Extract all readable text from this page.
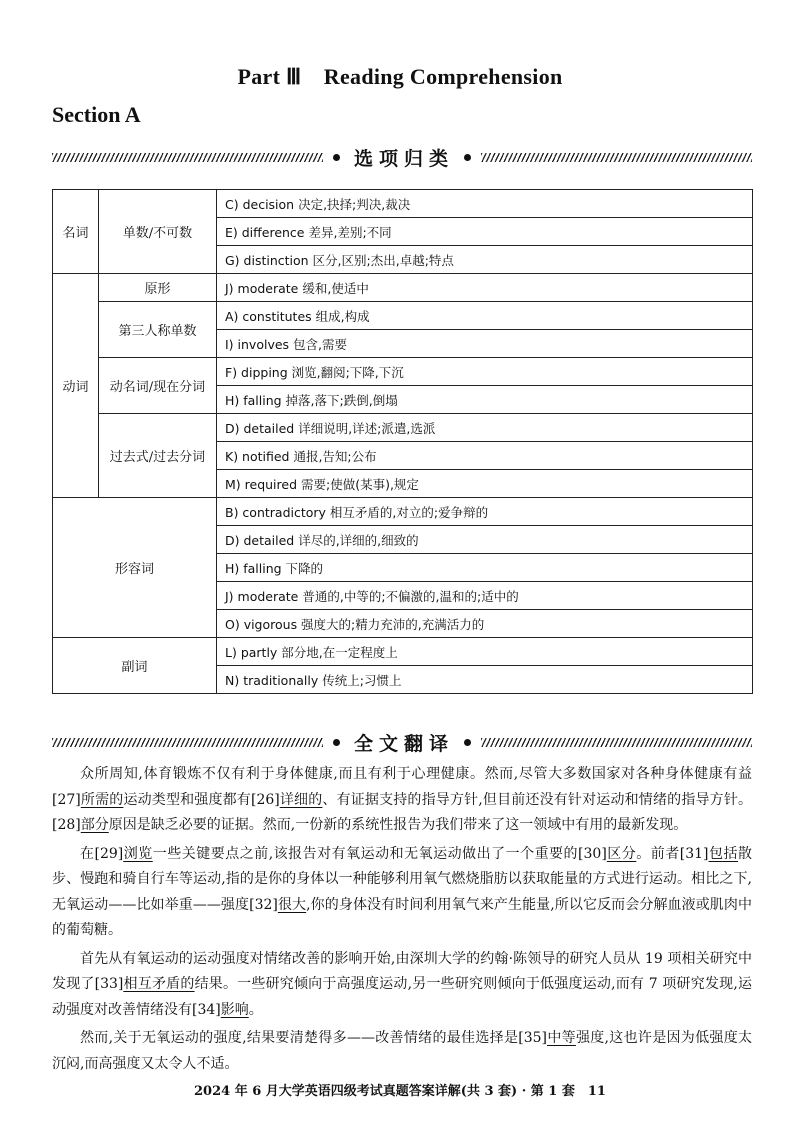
Part Ⅲ　Reading Comprehension
Section A
选项归类
名词	单数/不可数	C) decision 决定,抉择;判决,裁决
		E) difference 差异,差别;不同
		G) distinction 区分,区别;杰出,卓越;特点
动词	原形	J) moderate 缓和,使适中
	第三人称单数	A) constitutes 组成,构成
		I) involves 包含,需要
	动名词/现在分词	F) dipping 浏览,翻阅;下降,下沉
		H) falling 掉落,落下;跌倒,倒塌
	过去式/过去分词	D) detailed 详细说明,详述;派遣,选派
		K) notified 通报,告知;公布
		M) required 需要;使做(某事),规定
形容词		B) contradictory 相互矛盾的,对立的;爱争辩的
		D) detailed 详尽的,详细的,细致的
		H) falling 下降的
		J) moderate 普通的,中等的;不偏激的,温和的;适中的
		O) vigorous 强度大的;精力充沛的,充满活力的
副词		L) partly 部分地,在一定程度上
		N) traditionally 传统上;习惯上
全文翻译

众所周知,体育锻炼不仅有利于身体健康,而且有利于心理健康。然而,尽管大多数国家对各种身体健康有益[27]所需的运动类型和强度都有[26]详细的、有证据支持的指导方针,但目前还没有针对运动和情绪的指导方针。[28]部分原因是缺乏必要的证据。然而,一份新的系统性报告为我们带来了这一领域中有用的最新发现。

在[29]浏览一些关键要点之前,该报告对有氧运动和无氧运动做出了一个重要的[30]区分。前者[31]包括散步、慢跑和骑自行车等运动,指的是你的身体以一种能够利用氧气燃烧脂肪以获取能量的方式进行运动。相比之下,无氧运动——比如举重——强度[32]很大,你的身体没有时间利用氧气来产生能量,所以它反而会分解血液或肌肉中的葡萄糖。

首先从有氧运动的运动强度对情绪改善的影响开始,由深圳大学的约翰·陈领导的研究人员从 19 项相关研究中发现了[33]相互矛盾的结果。一些研究倾向于高强度运动,另一些研究则倾向于低强度运动,而有 7 项研究发现,运动强度对改善情绪没有[34]影响。

然而,关于无氧运动的强度,结果要清楚得多——改善情绪的最佳选择是[35]中等强度,这也许是因为低强度太沉闷,而高强度又太令人不适。

2024 年 6 月大学英语四级考试真题答案详解(共 3 套) · 第 1 套　11
